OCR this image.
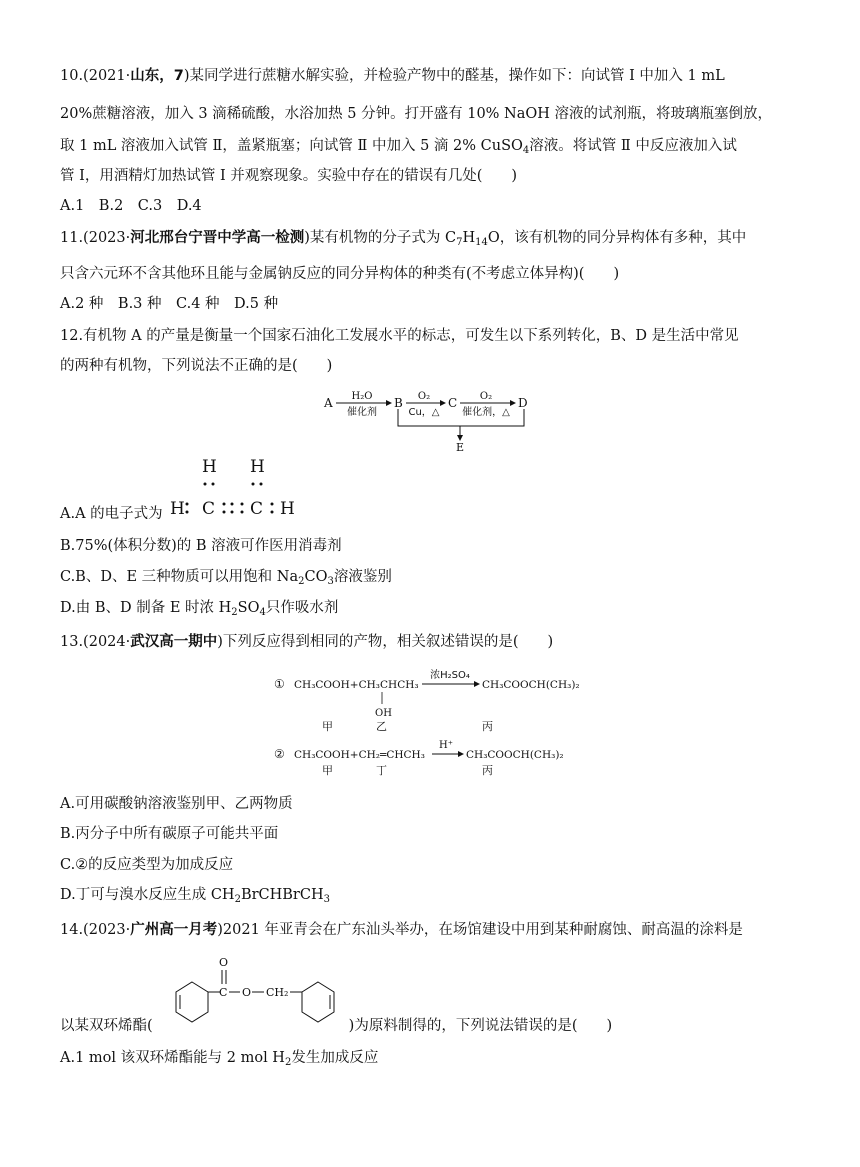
10.(2021·山东，7)某同学进行蔗糖水解实验，并检验产物中的醛基，操作如下：向试管 Ⅰ 中加入 1 mL
20%蔗糖溶液，加入 3 滴稀硫酸，水浴加热 5 分钟。打开盛有 10% NaOH 溶液的试剂瓶，将玻璃瓶塞倒放，
取 1 mL 溶液加入试管 Ⅱ，盖紧瓶塞；向试管 Ⅱ 中加入 5 滴 2% CuSO$_4$溶液。将试管 Ⅱ 中反应液加入试
管 Ⅰ，用酒精灯加热试管 Ⅰ 并观察现象。实验中存在的错误有几处(　　)
A.1　B.2　C.3　D.4
11.(2023·河北邢台宁晋中学高一检测)某有机物的分子式为 $C_7H_{14}O$，该有机物的同分异构体有多种，其中
只含六元环不含其他环且能与金属钠反应的同分异构体的种类有(不考虑立体异构)(　　)
A.2 种　B.3 种　C.4 种　D.5 种
12.有机物 A 的产量是衡量一个国家石油化工发展水平的标志，可发生以下系列转化，B、D 是生活中常见
的两种有机物，下列说法不正确的是(　　)
A H₂O
催化剂
B O₂
Cu，△
C O₂
催化剂，△
D
E
A.A 的电子式为
H H
H C C H
B.75%(体积分数)的 B 溶液可作医用消毒剂
C.B、D、E 三种物质可以用饱和 $Na_2CO_3$溶液鉴别
D.由 B、D 制备 E 时浓 $H_2SO_4$只作吸水剂
13.(2024·武汉高一期中)下列反应得到相同的产物，相关叙述错误的是(　　)
① CH₃COOH+CH₃CHCH₃
OH
浓H₂SO₄
CH₃COOCH(CH₃)₂
甲	乙	丙
② CH₃COOH+CH₂═CHCH₃
H⁺
CH₃COOCH(CH₃)₂
甲	丁	丙
A.可用碳酸钠溶液鉴别甲、乙两物质
B.丙分子中所有碳原子可能共平面
C.②的反应类型为加成反应
D.丁可与溴水反应生成 $CH_2BrCHBrCH_3$
14.(2023·广州高一月考)2021 年亚青会在广东汕头举办，在场馆建设中用到某种耐腐蚀、耐高温的涂料是
C
O
O CH₂
以某双环烯酯(	)为原料制得的，下列说法错误的是(　　)
A.1 mol 该双环烯酯能与 2 mol $H_2$发生加成反应
